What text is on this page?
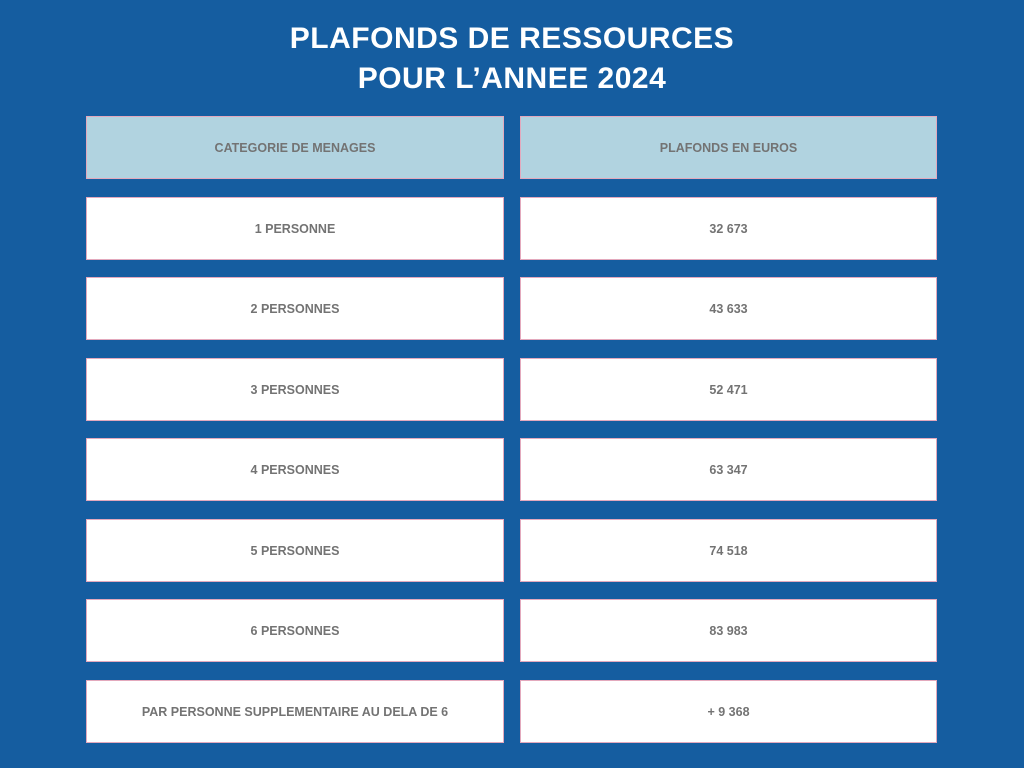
PLAFONDS DE RESSOURCES
POUR L’ANNEE 2024
CATEGORIE DE MENAGES	PLAFONDS EN EUROS
1 PERSONNE	32 673
2 PERSONNES	43 633
3 PERSONNES	52 471
4 PERSONNES	63 347
5 PERSONNES	74 518
6 PERSONNES	83 983
PAR PERSONNE SUPPLEMENTAIRE AU DELA DE 6	+ 9 368
